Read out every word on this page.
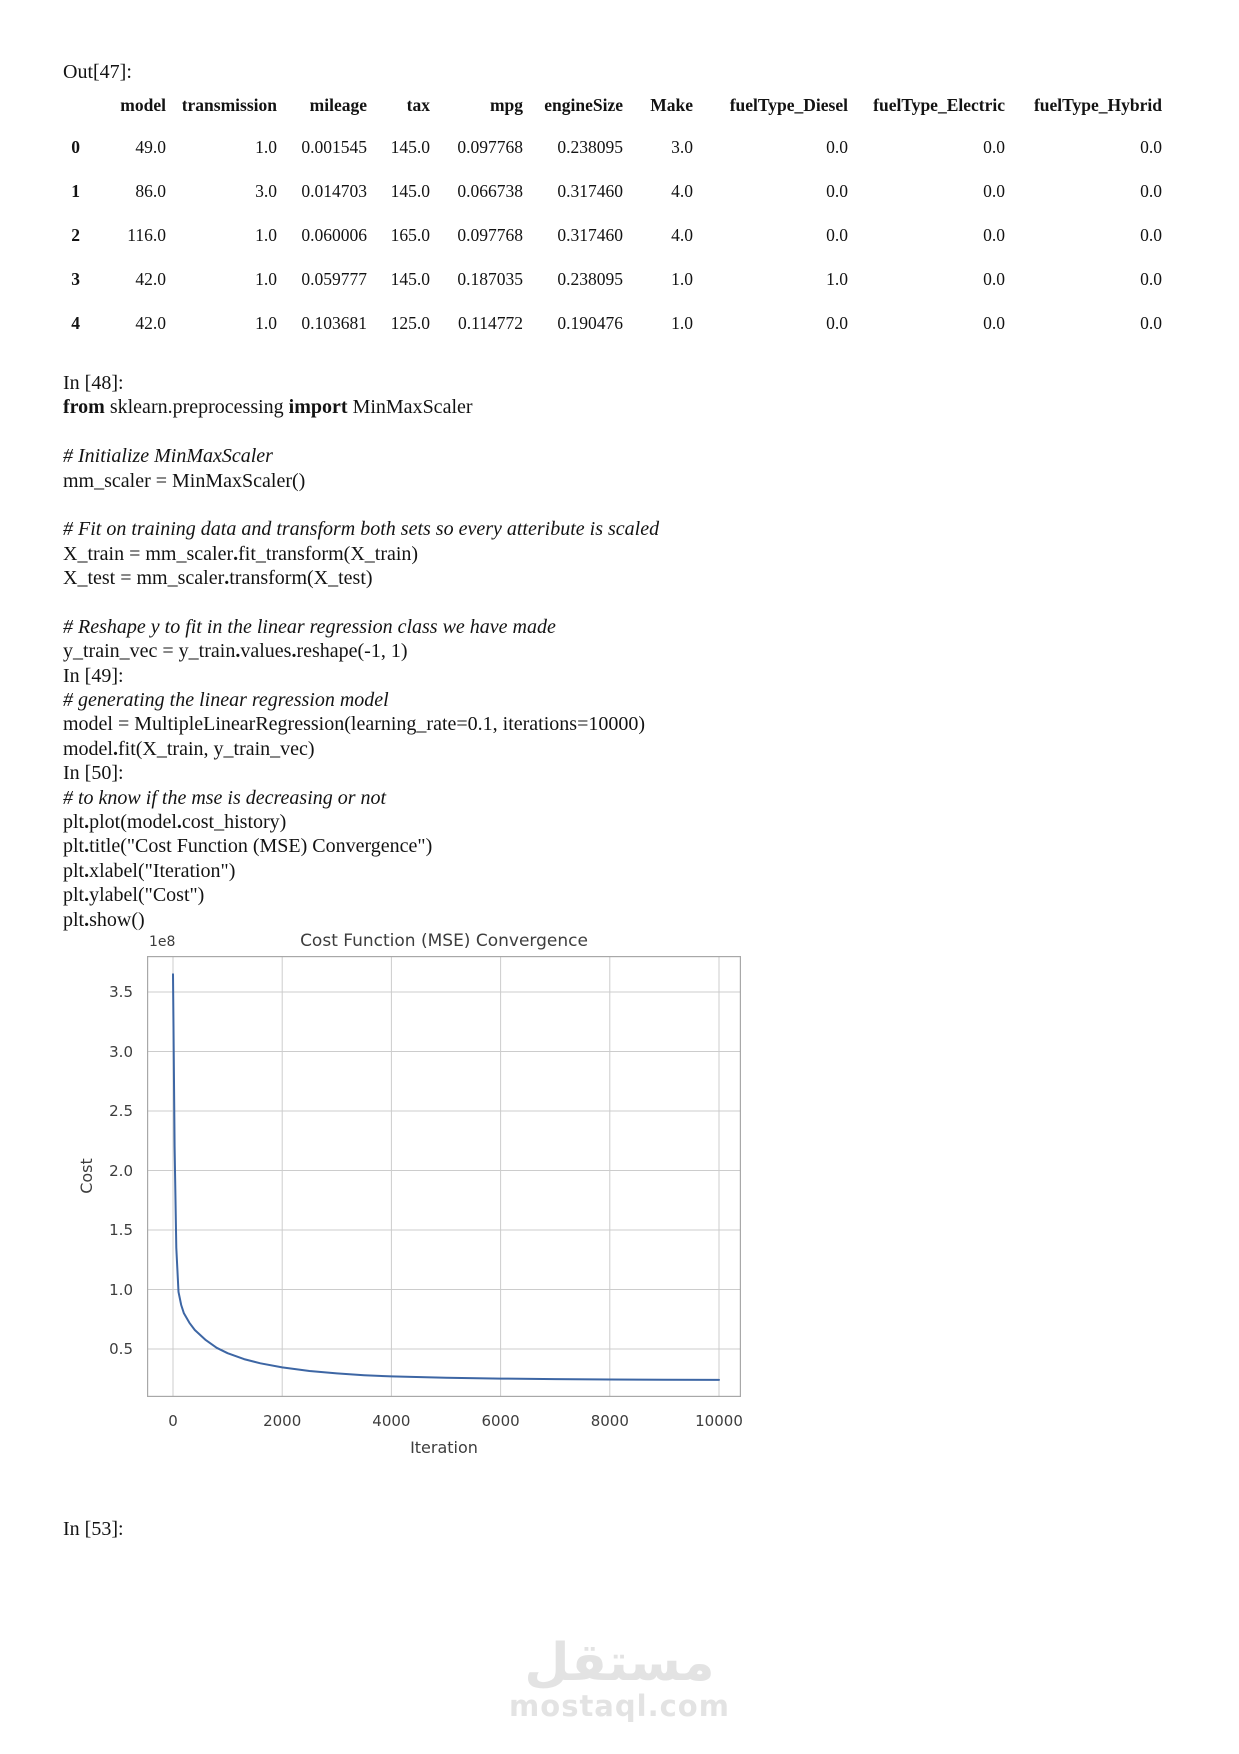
Out[47]:
	model	transmission	mileage	tax	mpg	engineSize	Make	fuelType_Diesel	fuelType_Electric	fuelType_Hybrid
0	49.0	1.0	0.001545	145.0	0.097768	0.238095	3.0	0.0	0.0	0.0
1	86.0	3.0	0.014703	145.0	0.066738	0.317460	4.0	0.0	0.0	0.0
2	116.0	1.0	0.060006	165.0	0.097768	0.317460	4.0	0.0	0.0	0.0
3	42.0	1.0	0.059777	145.0	0.187035	0.238095	1.0	1.0	0.0	0.0
4	42.0	1.0	0.103681	125.0	0.114772	0.190476	1.0	0.0	0.0	0.0
In [48]:
from sklearn.preprocessing import MinMaxScaler

# Initialize MinMaxScaler
mm_scaler = MinMaxScaler()

# Fit on training data and transform both sets so every atteribute is scaled
X_train = mm_scaler.fit_transform(X_train)
X_test = mm_scaler.transform(X_test)

# Reshape y to fit in the linear regression class we have made
y_train_vec = y_train.values.reshape(-1, 1)
In [49]:
# generating the linear regression model
model = MultipleLinearRegression(learning_rate=0.1, iterations=10000)
model.fit(X_train, y_train_vec)
In [50]:
# to know if the mse is decreasing or not
plt.plot(model.cost_history)
plt.title("Cost Function (MSE) Convergence")
plt.xlabel("Iteration")
plt.ylabel("Cost")
plt.show()
Cost Function (MSE) Convergence
1e8
0.5
1.0
1.5
2.0
2.5
3.0
3.5
0	2000	4000	6000	8000	10000
Iteration
Cost
In [53]:
مستقل
mostaql.com
